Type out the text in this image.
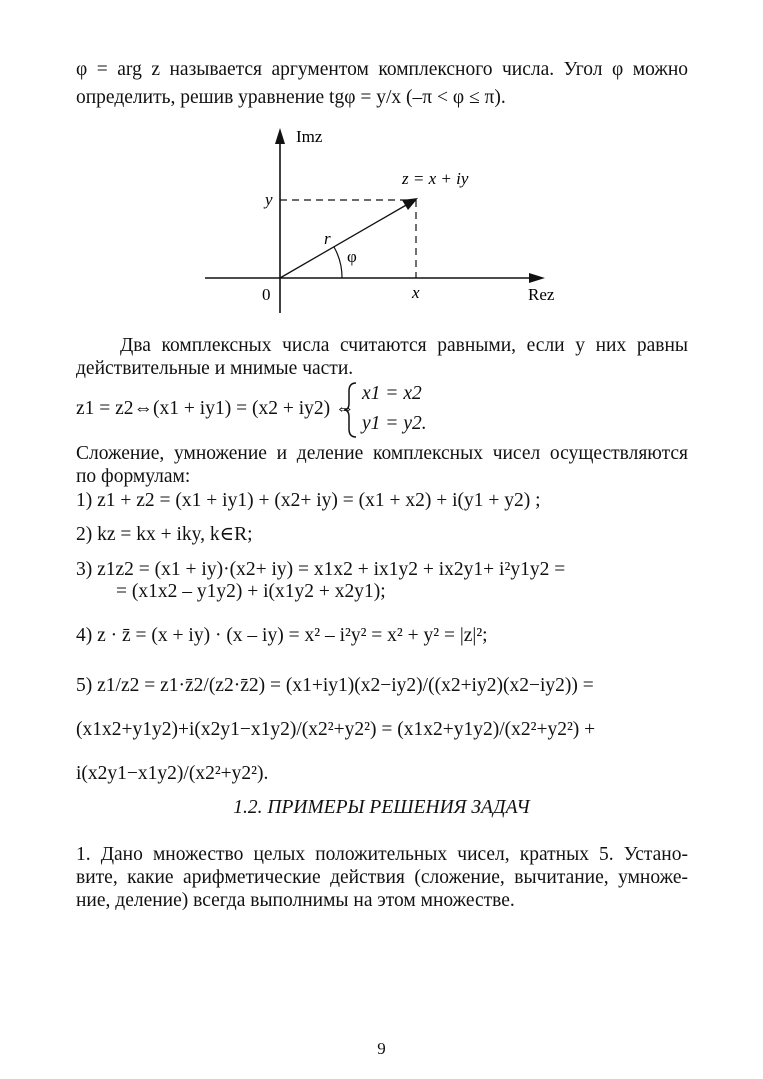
φ = arg z называется аргументом комплексного числа. Угол φ можно
определить, решив уравнение tgφ = y/x (–π < φ ≤ π).
Imz
Rez
0
z = x + iy
y
x
r
φ
Два комплексных числа считаются равными, если у них равны
действительные и мнимые части.
z1 = z2⇔(x1 + iy1) = (x2 + iy2) ⇔
x1 = x2
y1 = y2.
Сложение, умножение и деление комплексных чисел осуществляются
по формулам:
1) z1 + z2 = (x1 + iy1) + (x2+ iy) = (x1 + x2) + i(y1 + y2) ;
2) kz = kx + iky, k∈R;
3) z1z2 = (x1 + iy)·(x2+ iy) = x1x2 + ix1y2 + ix2y1+ i²y1y2 =
= (x1x2 – y1y2) + i(x1y2 + x2y1);
4) z · z̄ = (x + iy) · (x – iy) = x² – i²y² = x² + y² = |z|²;
5) z1/z2 = z1·z̄2/(z2·z̄2) = (x1+iy1)(x2−iy2)/((x2+iy2)(x2−iy2)) = (x1x2+y1y2)+i(x2y1−x1y2)/(x2²+y2²) = (x1x2+y1y2)/(x2²+y2²) + i(x2y1−x1y2)/(x2²+y2²).
1.2. ПРИМЕРЫ РЕШЕНИЯ ЗАДАЧ
1. Дано множество целых положительных чисел, кратных 5. Устано-
вите, какие арифметические действия (сложение, вычитание, умноже-
ние, деление) всегда выполнимы на этом множестве.
9
